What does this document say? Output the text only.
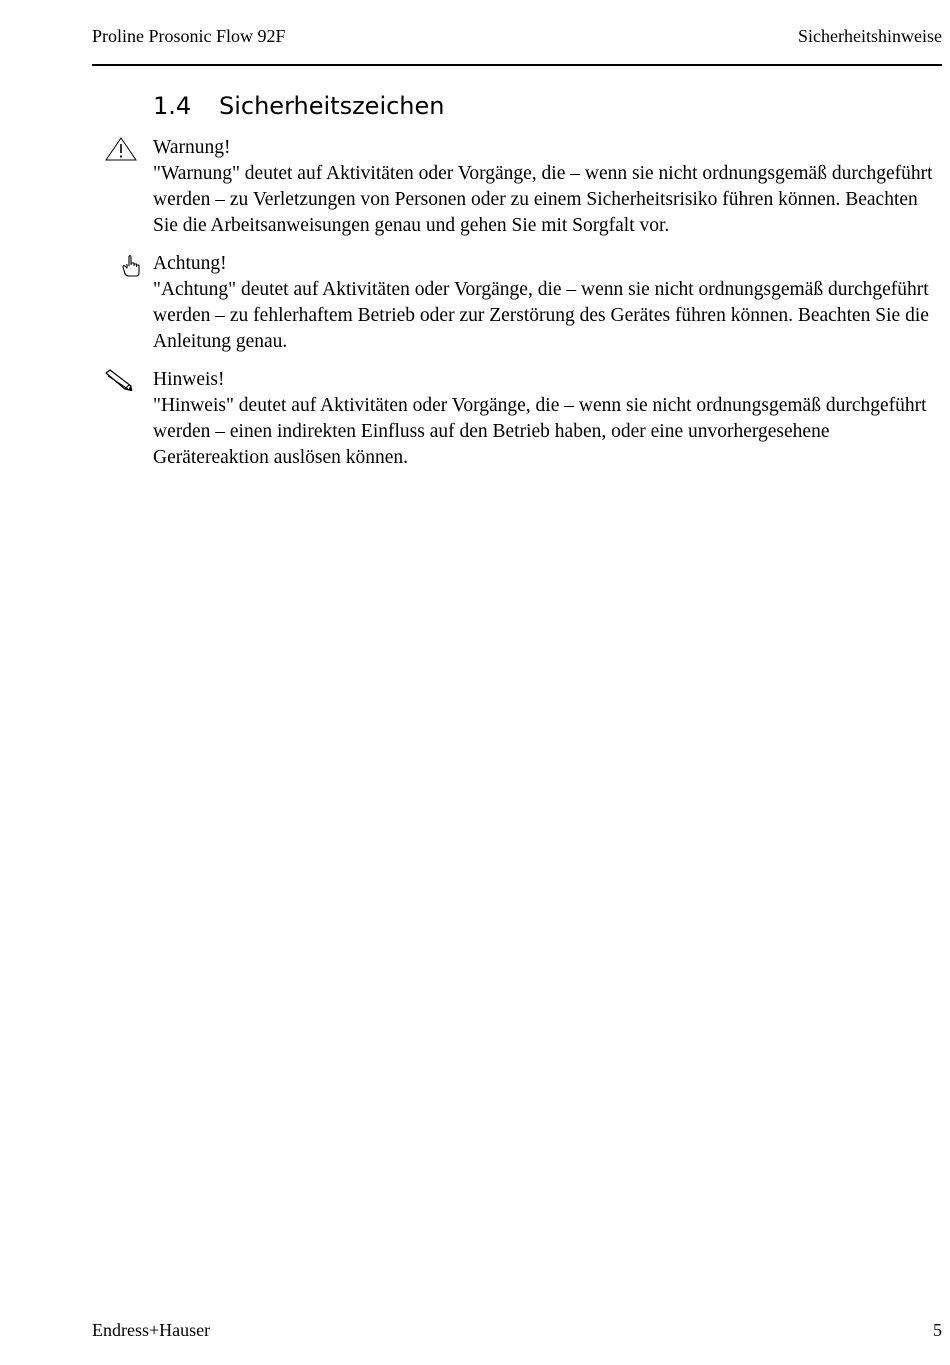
Proline Prosonic Flow 92F	Sicherheitshinweise
1.4 Sicherheitszeichen

Warnung!

"Warnung" deutet auf Aktivitäten oder Vorgänge, die – wenn sie nicht ordnungsgemäß durchgeführt werden – zu Verletzungen von Personen oder zu einem Sicherheitsrisiko führen können. Beachten Sie die Arbeitsanweisungen genau und gehen Sie mit Sorgfalt vor.

Achtung!

"Achtung" deutet auf Aktivitäten oder Vorgänge, die – wenn sie nicht ordnungsgemäß durchgeführt werden – zu fehlerhaftem Betrieb oder zur Zerstörung des Gerätes führen können. Beachten Sie die Anleitung genau.

Hinweis!

"Hinweis" deutet auf Aktivitäten oder Vorgänge, die – wenn sie nicht ordnungsgemäß durchgeführt werden – einen indirekten Einfluss auf den Betrieb haben, oder eine unvorhergesehene Gerätereaktion auslösen können.

Endress+Hauser	5
